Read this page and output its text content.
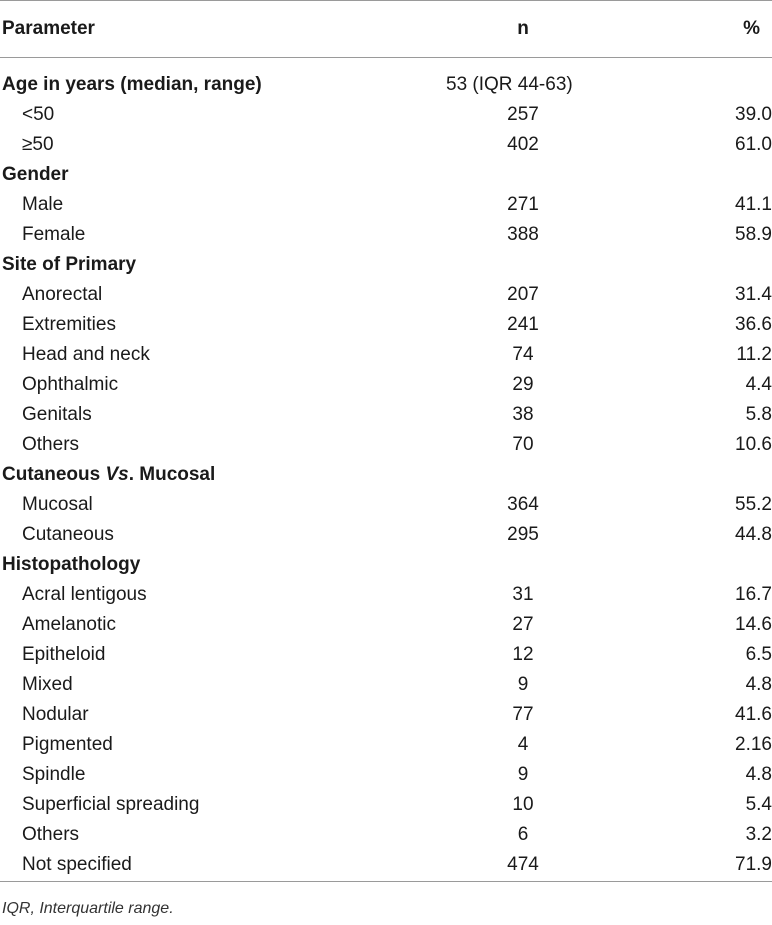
Parameter	n	%
Age in years (median, range)	53 (IQR 44-63)	
<50	257	39.0
≥50	402	61.0
Gender		
Male	271	41.1
Female	388	58.9
Site of Primary		
Anorectal	207	31.4
Extremities	241	36.6
Head and neck	74	11.2
Ophthalmic	29	4.4
Genitals	38	5.8
Others	70	10.6
Cutaneous Vs. Mucosal		
Mucosal	364	55.2
Cutaneous	295	44.8
Histopathology		
Acral lentigous	31	16.7
Amelanotic	27	14.6
Epitheloid	12	6.5
Mixed	9	4.8
Nodular	77	41.6
Pigmented	4	2.16
Spindle	9	4.8
Superficial spreading	10	5.4
Others	6	3.2
Not specified	474	71.9
IQR, Interquartile range.
